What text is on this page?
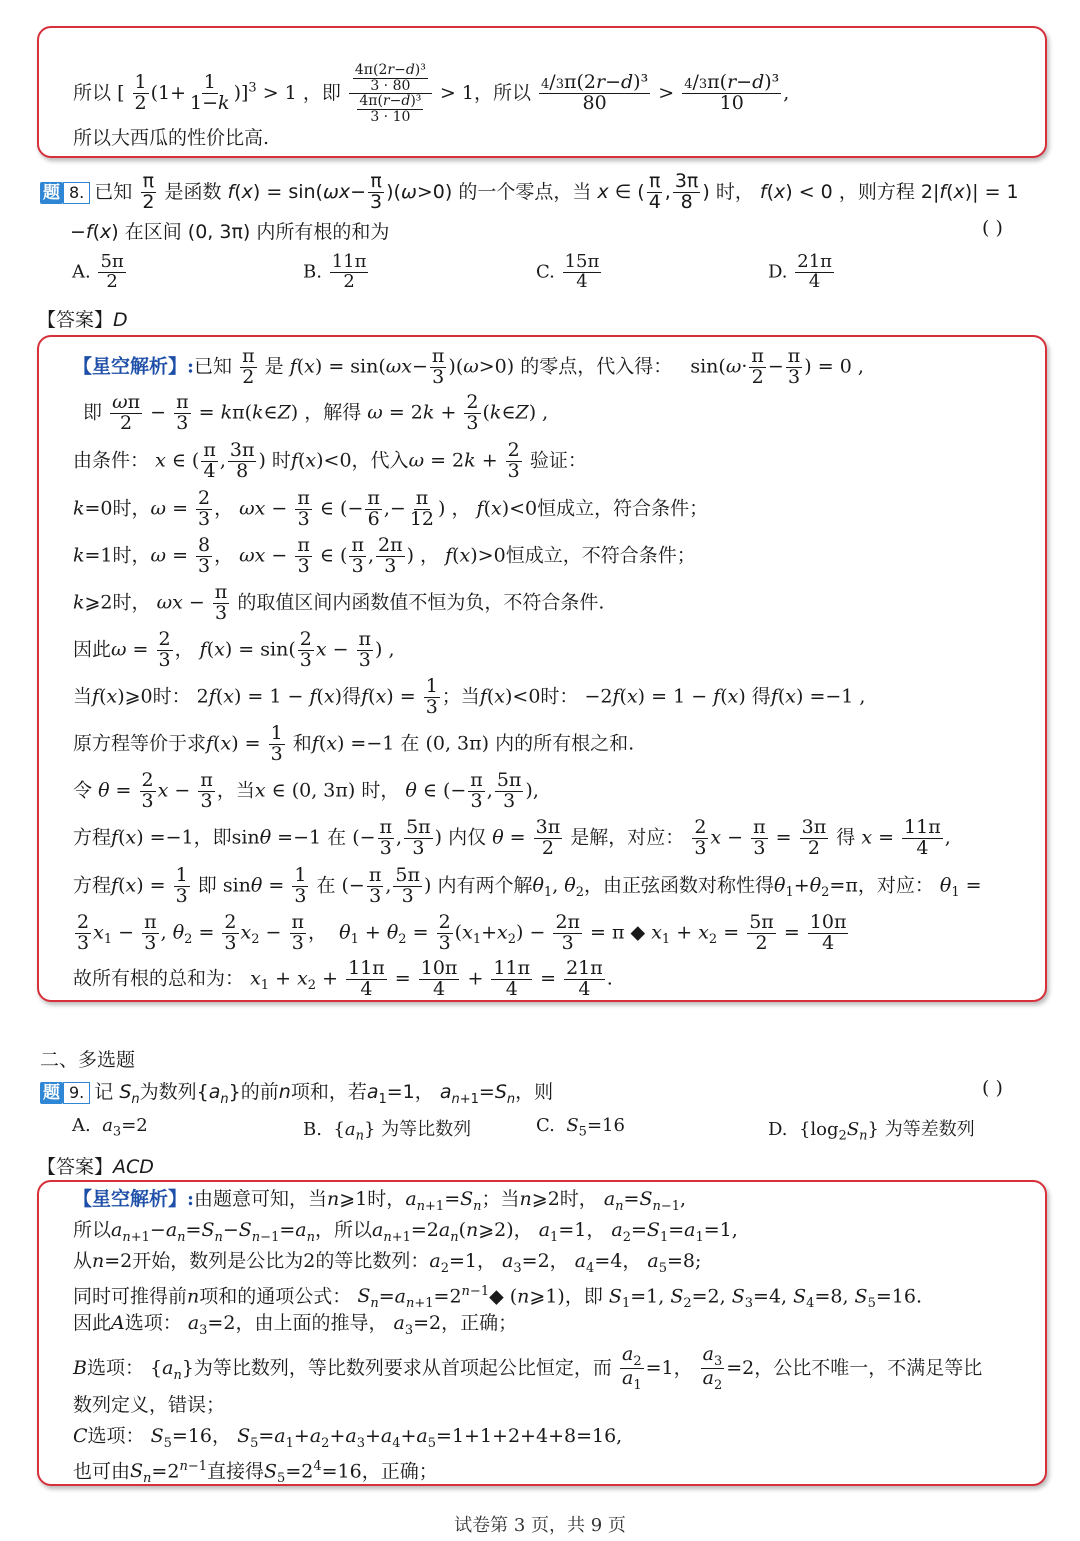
所以 [ $\frac{1}{2} (1+ \frac{1}{1-k} )]^3 > 1$ ，即 $\frac{\frac{\text{4π(2r−d)³}}{3 \cdot 80}}{\frac{\text{4π(r−d)³}}{3 \cdot 10}} > 1$，所以 $\frac{\text{4/3π(2r−d)³}}{80} > \frac{\text{4/3π(r−d)³}}{10}$ ,
所以大西瓜的性价比高.
题 8. 已知 $\frac{\pi}{2}$ 是函数 $f(x) = \sin(\omega x- \frac{\pi}{3} )(\omega>0)$ 的一个零点，当 x ∈ ( $\frac{\pi}{4}$ , $\frac{3\pi}{8}$ ) 时， f(x) < 0 ，则方程 2|f(x)| = 1
−f(x) 在区间 (0, 3π) 内所有根的和为	( )
A. $\frac{5\pi}{2}$	B. $\frac{11\pi}{2}$	C. $\frac{15\pi}{4}$	D. $\frac{21\pi}{4}$
【答案】D
【星空解析】:已知 $\frac{\pi}{2}$ 是 $f(x) = \sin(\omega x- \frac{\pi}{3} )(\omega>0)$ 的零点，代入得：   $\sin(\omega\cdot \frac{\pi}{2} - \frac{\pi}{3}$ ) = 0 ,
即 $\frac{\omega\pi}{2} - \frac{\pi}{3}$ = kπ(k∈Z) ，解得 $\omega = 2k + \frac{2}{3}$ (k∈Z) ,
由条件： x ∈ ( $\frac{\pi}{4}$ , $\frac{3\pi}{8}$ ) 时f(x)<0，代入$\omega = 2k + \frac{2}{3}$ 验证：
k=0时，$\omega = \frac{2}{3}$ ， $\omega x - \frac{\pi}{3}$ ∈ (− $\frac{\pi}{6}$ ,− $\frac{\pi}{12}$ ) ， f(x)<0恒成立，符合条件；
k=1时，$\omega = \frac{8}{3}$ ， $\omega x - \frac{\pi}{3}$ ∈ ( $\frac{\pi}{3}$ , $\frac{2\pi}{3}$ ) ， f(x)>0恒成立，不符合条件；
k⩾2时， $\omega x - \frac{\pi}{3}$ 的取值区间内函数值不恒为负，不符合条件.
因此$\omega = \frac{2}{3}$ ， $f(x) = \sin( \frac{2}{3}$ $x - \frac{\pi}{3}$ ) ,
当f(x)⩾0时： 2f(x) = 1 − f(x)得$f(x) = \frac{1}{3}$ ；当f(x)<0时： −2f(x) = 1 − f(x) 得f(x) =−1 ,
原方程等价于求$f(x) = \frac{1}{3}$ 和f(x) =−1 在 (0, 3π) 内的所有根之和.
令 $\theta = \frac{2}{3}$ $x - \frac{\pi}{3}$ ，当x ∈ (0, 3π) 时， θ ∈ (− $\frac{\pi}{3}$ , $\frac{5\pi}{3}$ ),
方程f(x) =−1，即sinθ =−1 在 (− $\frac{\pi}{3}$ , $\frac{5\pi}{3}$ ) 内仅 $\theta = \frac{3\pi}{2}$ 是解，对应： $\frac{2}{3}$ $x - \frac{\pi}{3} = \frac{3\pi}{2}$ 得 $x = \frac{11\pi}{4}$ ,
方程$f(x) = \frac{1}{3}$ 即 $\sin\theta = \frac{1}{3}$ 在 (− $\frac{\pi}{3}$ , $\frac{5\pi}{3}$ ) 内有两个解$\theta_1$, $\theta_2$，由正弦函数对称性得$\theta_1+\theta_2=\pi$，对应： $\theta_1$ =
$\frac{2}{3} x_1 - \frac{\pi}{3}$ , $\theta_2 = \frac{2}{3} x_2 - \frac{\pi}{3}$ ，  $\theta_1 + \theta_2 = \frac{2}{3} (x_1+x_2) - \frac{2\pi}{3} = \pi$ ◆ $x_1 + x_2 = \frac{5\pi}{2} = \frac{10\pi}{4}$
故所有根的总和为： $x_1 + x_2 + \frac{11\pi}{4} = \frac{10\pi}{4} + \frac{11\pi}{4} = \frac{21\pi}{4}$ .
二、多选题
题 9. 记 $S_n$为数列$\{a_n\}$的前n项和，若$a_1=1$， $a_{n+1}=S_n$，则	( )
A. $a_3=2$	B.  $\{a_n\}$ 为等比数列	C. $S_5=16$	D.  $\{\log_2S_n\}$ 为等差数列
【答案】ACD
【星空解析】:由题意可知，当n⩾1时，$a_{n+1}=S_n$；当n⩾2时， $a_n=S_{n-1}$,
所以$a_{n+1}-a_n=S_n-S_{n-1}=a_n$，所以$a_{n+1}=2a_n(n⩾2)$， $a_1=1$， $a_2=S_1=a_1=1$,
从n=2开始，数列是公比为2的等比数列：$a_2=1$， $a_3=2$， $a_4=4$， $a_5=8$;
同时可推得前n项和的通项公式： $S_n=a_{n+1}=2^{n-1}◆$ (n⩾1)，即 $S_1=1$, $S_2=2$, $S_3=4$, $S_4=8$, $S_5=16$.
因此A选项： $a_3=2$，由上面的推导， $a_3=2$，正确；
B选项： $\{a_n\}$为等比数列，等比数列要求从首项起公比恒定，而 $\frac{a_2}{a_1} =1$， $\frac{a_3}{a_2} =2$，公比不唯一，不满足等比
数列定义，错误；
C选项： $S_5=16$， $S_5=a_1+a_2+a_3+a_4+a_5=1+1+2+4+8=16$,
也可由$S_n=2^{n-1}$直接得$S_5=2^4=16$，正确；
试卷第 3 页，共 9 页
